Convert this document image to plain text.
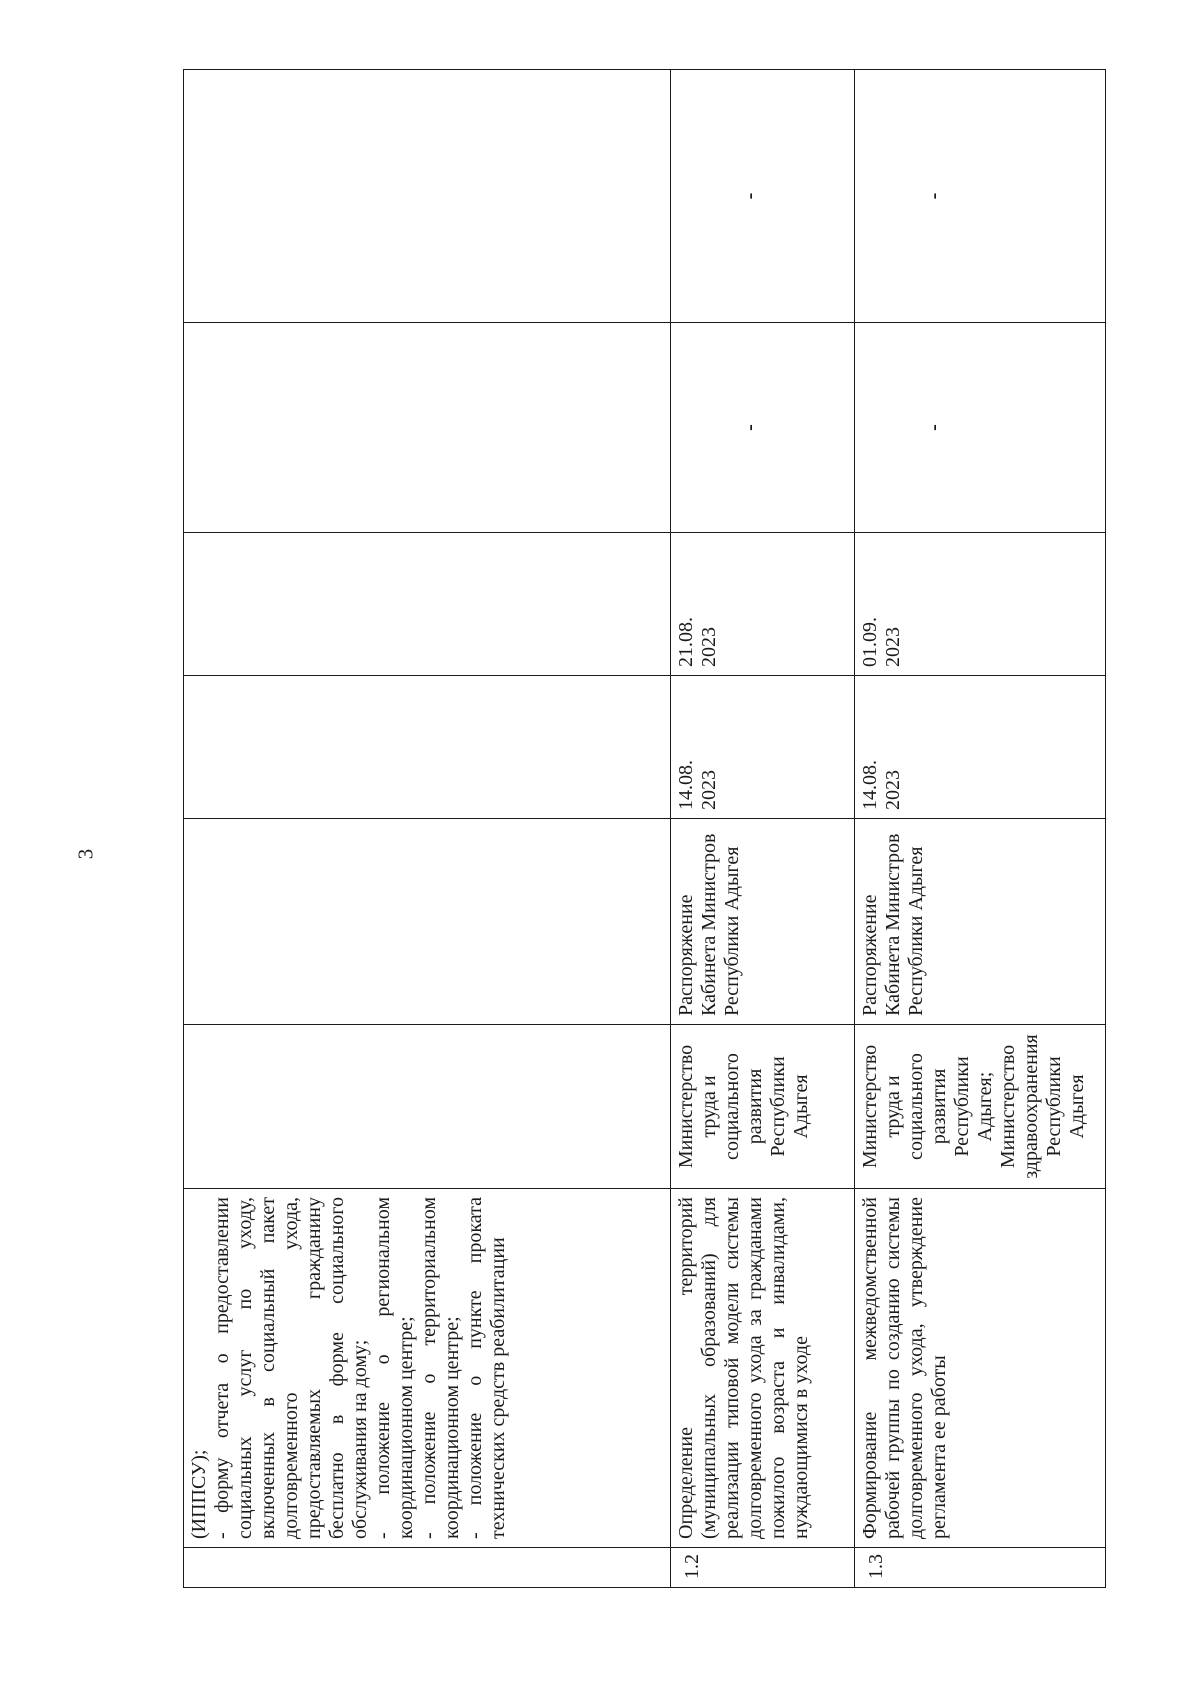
3

	(ИППСУ); - форму отчета о предоставлении социальных услуг по уходу, включенных в социальный пакет долговременного ухода, предоставляемых гражданину бесплатно в форме социального обслуживания на дому; - положение о региональном координационном центре; - положение о территориальном координационном центре; - положение о пункте проката технических средств реабилитации						

1.2	Определение территорий (муниципальных образований) для реализации типовой модели системы долговременного ухода за гражданами пожилого возраста и инвалидами, нуждающимися в уходе	Министерство труда и социального развития Республики Адыгея	Распоряжение Кабинета Министров Республики Адыгея	14.08. 2023	21.08. 2023	-	-

1.3	Формирование межведомственной рабочей группы по созданию системы долговременного ухода, утверждение регламента ее работы	Министерство труда и социального развития Республики Адыгея; Министерство здравоохранения Республики Адыгея	Распоряжение Кабинета Министров Республики Адыгея	14.08. 2023	01.09. 2023	-	-
